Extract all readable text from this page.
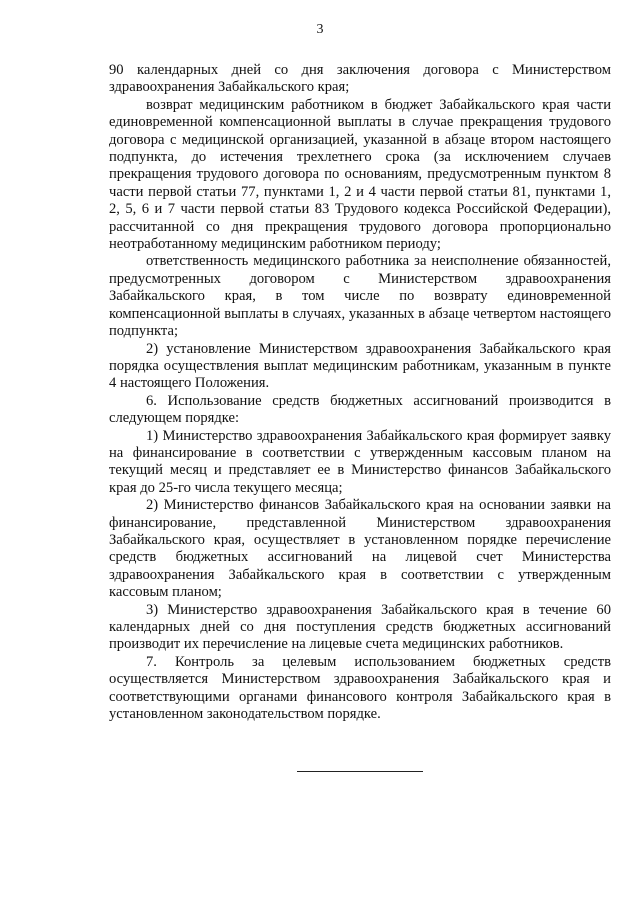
3

90 календарных дней со дня заключения договора с Министерством здравоохранения Забайкальского края;

возврат медицинским работником в бюджет Забайкальского края части единовременной компенсационной выплаты в случае прекращения трудового договора с медицинской организацией, указанной в абзаце втором настоящего подпункта, до истечения трехлетнего срока (за исключением случаев прекращения трудового договора по основаниям, предусмотренным пунктом 8 части первой статьи 77, пунктами 1, 2 и 4 части первой статьи 81, пунктами 1, 2, 5, 6 и 7 части первой статьи 83 Трудового кодекса Российской Федерации), рассчитанной со дня прекращения трудового договора пропорционально неотработанному медицинским работником периоду;

ответственность медицинского работника за неисполнение обязанностей, предусмотренных договором с Министерством здравоохранения Забайкальского края, в том числе по возврату единовременной компенсационной выплаты в случаях, указанных в абзаце четвертом настоящего подпункта;

2) установление Министерством здравоохранения Забайкальского края порядка осуществления выплат медицинским работникам, указанным в пункте 4 настоящего Положения.

6. Использование средств бюджетных ассигнований производится в следующем порядке:

1) Министерство здравоохранения Забайкальского края формирует заявку на финансирование в соответствии с утвержденным кассовым планом на текущий месяц и представляет ее в Министерство финансов Забайкальского края до 25-го числа текущего месяца;

2) Министерство финансов Забайкальского края на основании заявки на финансирование, представленной Министерством здравоохранения Забайкальского края, осуществляет в установленном порядке перечисление средств бюджетных ассигнований на лицевой счет Министерства здравоохранения Забайкальского края в соответствии с утвержденным кассовым планом;

3) Министерство здравоохранения Забайкальского края в течение 60 календарных дней со дня поступления средств бюджетных ассигнований производит их перечисление на лицевые счета медицинских работников.

7. Контроль за целевым использованием бюджетных средств осуществляется Министерством здравоохранения Забайкальского края и соответствующими органами финансового контроля Забайкальского края в установленном законодательством порядке.
